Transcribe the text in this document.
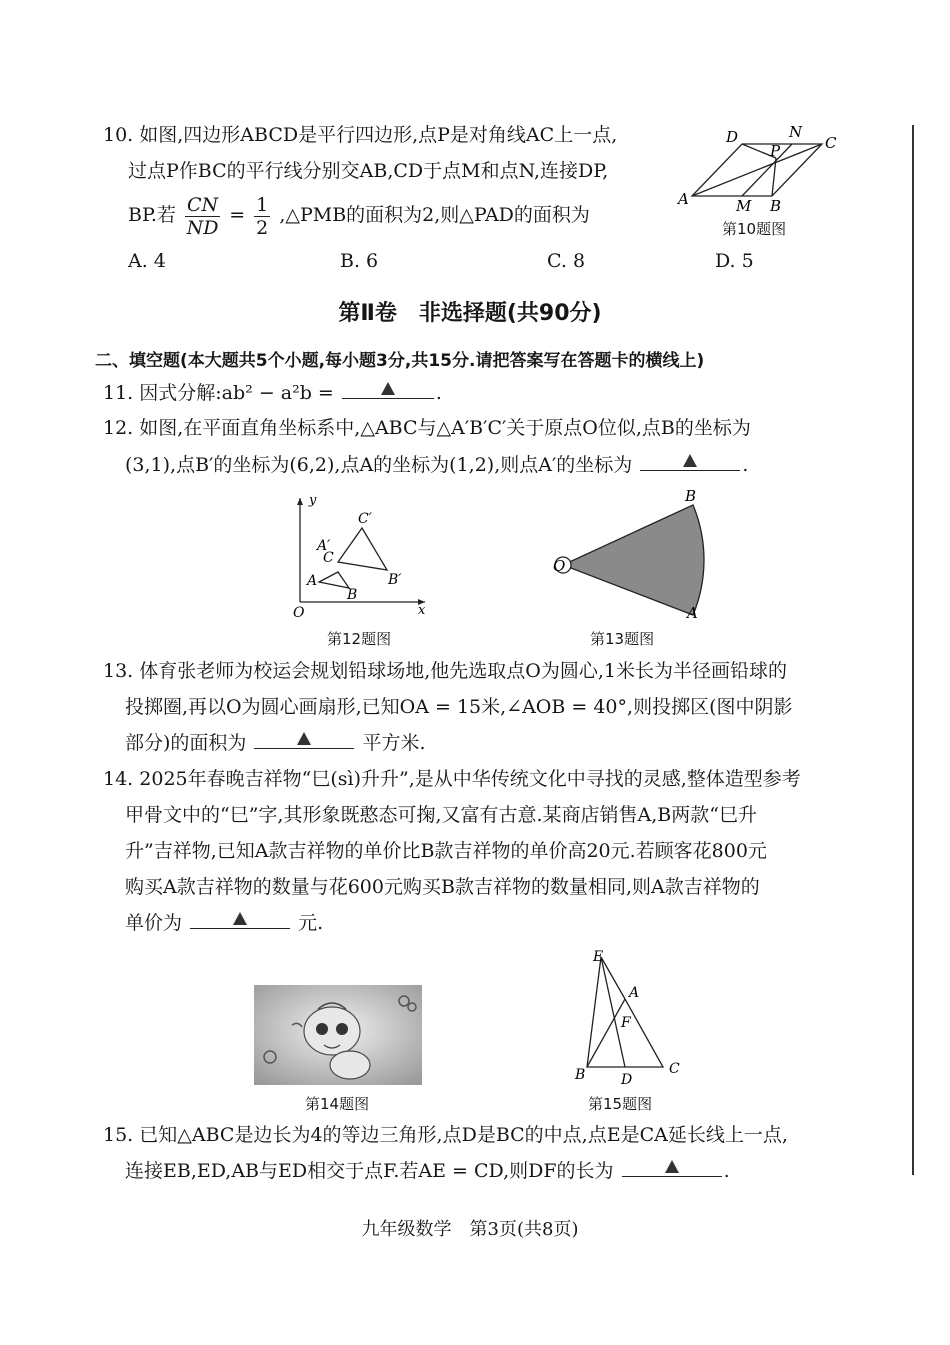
10. 如图,四边形ABCD是平行四边形,点P是对角线AC上一点,
过点P作BC的平行线分别交AB,CD于点M和点N,连接DP,
BP.若 $\frac{CN}{ND} = \frac{1}{2}$ ,△PMB的面积为2,则△PAD的面积为
A. 4	B. 6	C. 8	D. 5
A	B
C
D
M
N
P
第10题图
第Ⅱ卷　非选择题(共90分)
二、填空题(本大题共5个小题,每小题3分,共15分.请把答案写在答题卡的横线上)
11. 因式分解:ab² − a²b =	.
12. 如图,在平面直角坐标系中,△ABC与△A′B′C′关于原点O位似,点B的坐标为
(3,1),点B′的坐标为(6,2),点A的坐标为(1,2),则点A′的坐标为	.
y
x
O
A
B
C
A′
B′
C′
第12题图
O
B
A
第13题图
13. 体育张老师为校运会规划铅球场地,他先选取点O为圆心,1米长为半径画铅球的
投掷圈,再以O为圆心画扇形,已知OA = 15米,∠AOB = 40°,则投掷区(图中阴影
部分)的面积为	平方米.
14. 2025年春晚吉祥物“巳(sì)升升”,是从中华传统文化中寻找的灵感,整体造型参考
甲骨文中的“巳”字,其形象既憨态可掬,又富有古意.某商店销售A,B两款“巳升
升”吉祥物,已知A款吉祥物的单价比B款吉祥物的单价高20元.若顾客花800元
购买A款吉祥物的数量与花600元购买B款吉祥物的数量相同,则A款吉祥物的
单价为	元.
第14题图
E
A
F
B	C
D
第15题图
15. 已知△ABC是边长为4的等边三角形,点D是BC的中点,点E是CA延长线上一点,
连接EB,ED,AB与ED相交于点F.若AE = CD,则DF的长为	.
九年级数学　第3页(共8页)
